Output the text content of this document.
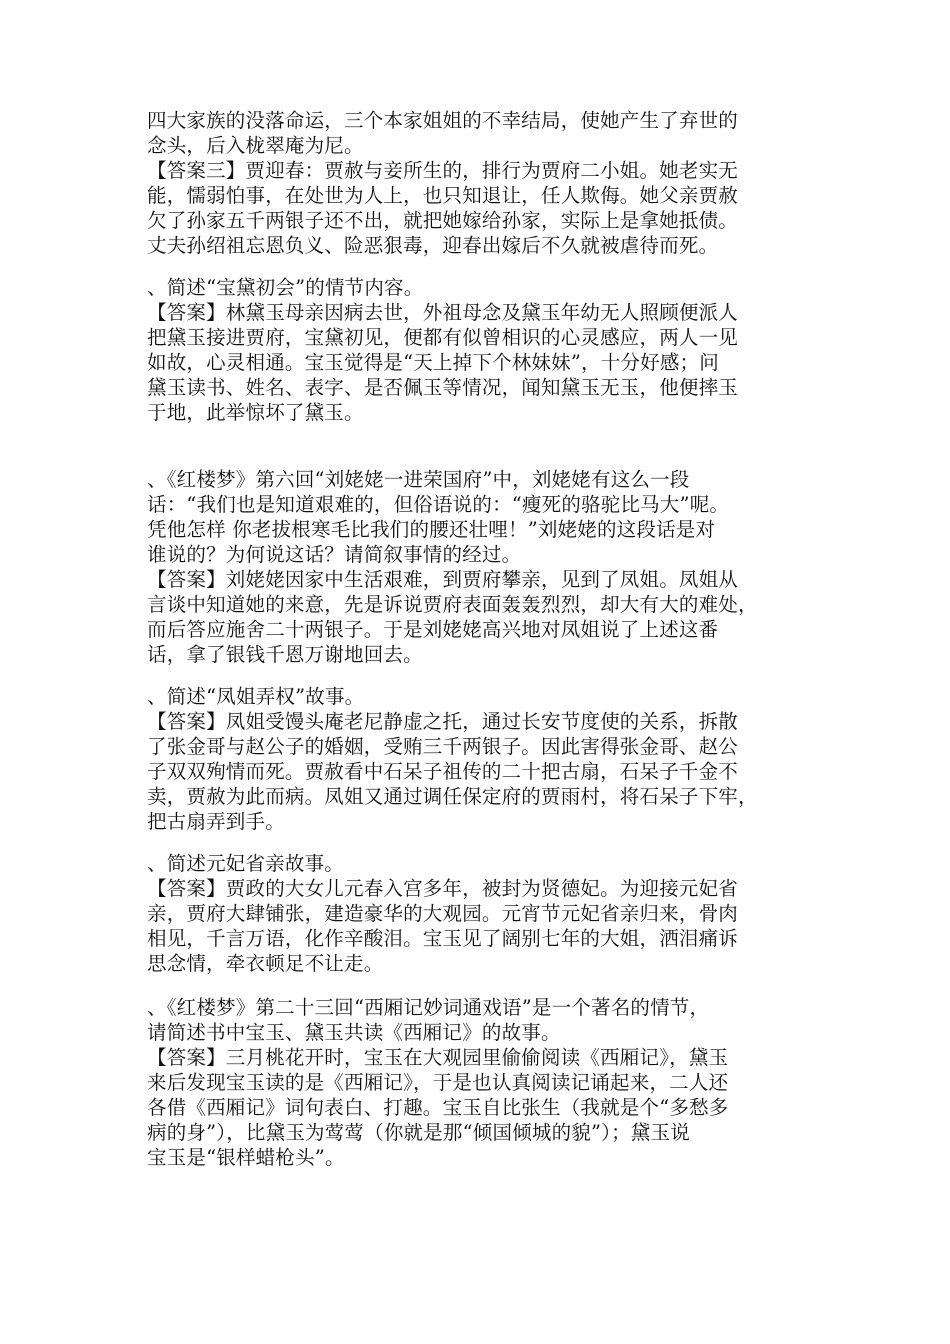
四大家族的没落命运，三个本家姐姐的不幸结局，使她产生了弃世的
念头，后入栊翠庵为尼。
【答案三】贾迎春：贾赦与妾所生的，排行为贾府二小姐。她老实无
能，懦弱怕事，在处世为人上，也只知退让，任人欺侮。她父亲贾赦
欠了孙家五千两银子还不出，就把她嫁给孙家，实际上是拿她抵债。
丈夫孙绍祖忘恩负义、险恶狠毒，迎春出嫁后不久就被虐待而死。
、简述“宝黛初会”的情节内容。
【答案】林黛玉母亲因病去世，外祖母念及黛玉年幼无人照顾便派人
把黛玉接进贾府，宝黛初见，便都有似曾相识的心灵感应，两人一见
如故，心灵相通。宝玉觉得是“天上掉下个林妹妹”，十分好感；问
黛玉读书、姓名、表字、是否佩玉等情况，闻知黛玉无玉，他便摔玉
于地，此举惊坏了黛玉。
、《红楼梦》第六回“刘姥姥一进荣国府”中，刘姥姥有这么一段
话：“我们也是知道艰难的，但俗语说的：“瘦死的骆驼比马大”呢。
凭他怎样 你老拔根寒毛比我们的腰还壮哩！”刘姥姥的这段话是对
谁说的？为何说这话？请简叙事情的经过。
【答案】刘姥姥因家中生活艰难，到贾府攀亲，见到了凤姐。凤姐从
言谈中知道她的来意，先是诉说贾府表面轰轰烈烈，却大有大的难处，
而后答应施舍二十两银子。于是刘姥姥高兴地对凤姐说了上述这番
话，拿了银钱千恩万谢地回去。
、简述“凤姐弄权”故事。
【答案】凤姐受馒头庵老尼静虚之托，通过长安节度使的关系，拆散
了张金哥与赵公子的婚姻，受贿三千两银子。因此害得张金哥、赵公
子双双殉情而死。贾赦看中石呆子祖传的二十把古扇，石呆子千金不
卖，贾赦为此而病。凤姐又通过调任保定府的贾雨村，将石呆子下牢，
把古扇弄到手。
、简述元妃省亲故事。
【答案】贾政的大女儿元春入宫多年，被封为贤德妃。为迎接元妃省
亲，贾府大肆铺张，建造豪华的大观园。元宵节元妃省亲归来，骨肉
相见，千言万语，化作辛酸泪。宝玉见了阔别七年的大姐，洒泪痛诉
思念情，牵衣顿足不让走。
、《红楼梦》第二十三回“西厢记妙词通戏语”是一个著名的情节，
请简述书中宝玉、黛玉共读《西厢记》的故事。
【答案】三月桃花开时，宝玉在大观园里偷偷阅读《西厢记》，黛玉
来后发现宝玉读的是《西厢记》，于是也认真阅读记诵起来，二人还
各借《西厢记》词句表白、打趣。宝玉自比张生（我就是个“多愁多
病的身”），比黛玉为莺莺（你就是那“倾国倾城的貌”）；黛玉说
宝玉是“银样蜡枪头”。
